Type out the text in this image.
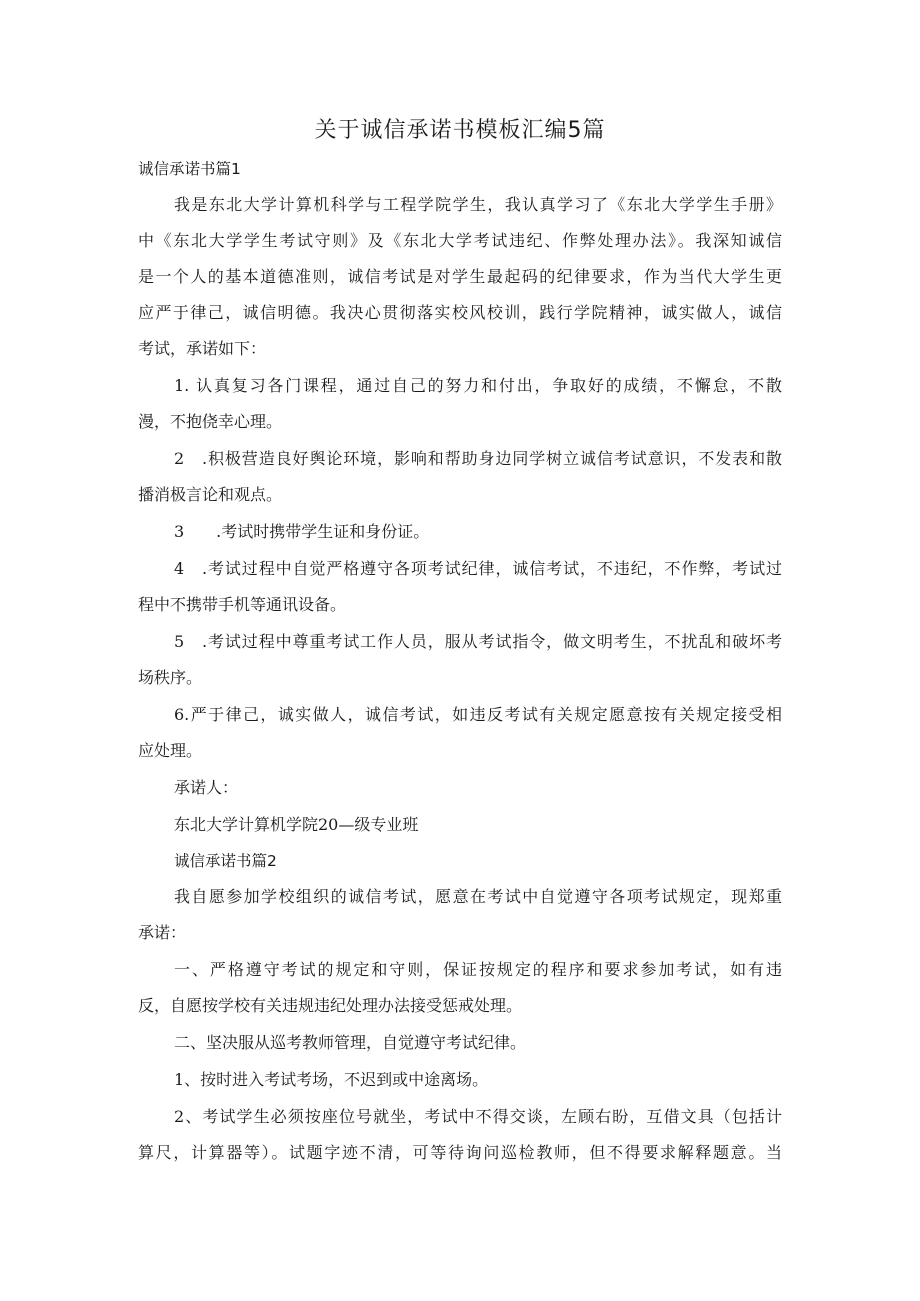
关于诚信承诺书模板汇编5篇

诚信承诺书篇1

我是东北大学计算机科学与工程学院学生，我认真学习了《东北大学学生手册》

中《东北大学学生考试守则》及《东北大学考试违纪、作弊处理办法》。我深知诚信

是一个人的基本道德准则，诚信考试是对学生最起码的纪律要求，作为当代大学生更

应严于律己，诚信明德。我决心贯彻落实校风校训，践行学院精神，诚实做人，诚信

考试，承诺如下：

1. 认真复习各门课程，通过自己的努力和付出，争取好的成绩，不懈怠，不散

漫，不抱侥幸心理。

2　.积极营造良好舆论环境，影响和帮助身边同学树立诚信考试意识，不发表和散

播消极言论和观点。

3　　.考试时携带学生证和身份证。

4　.考试过程中自觉严格遵守各项考试纪律，诚信考试，不违纪，不作弊，考试过

程中不携带手机等通讯设备。

5　.考试过程中尊重考试工作人员，服从考试指令，做文明考生，不扰乱和破坏考

场秩序。

6.严于律己，诚实做人，诚信考试，如违反考试有关规定愿意按有关规定接受相

应处理。

承诺人：

东北大学计算机学院20—级专业班

诚信承诺书篇2

我自愿参加学校组织的诚信考试，愿意在考试中自觉遵守各项考试规定，现郑重

承诺：

一、严格遵守考试的规定和守则，保证按规定的程序和要求参加考试，如有违

反，自愿按学校有关违规违纪处理办法接受惩戒处理。

二、坚决服从巡考教师管理，自觉遵守考试纪律。

1、按时进入考试考场，不迟到或中途离场。

2、考试学生必须按座位号就坐，考试中不得交谈，左顾右盼，互借文具（包括计

算尺，计算器等）。试题字迹不清，可等待询问巡检教师，但不得要求解释题意。当
